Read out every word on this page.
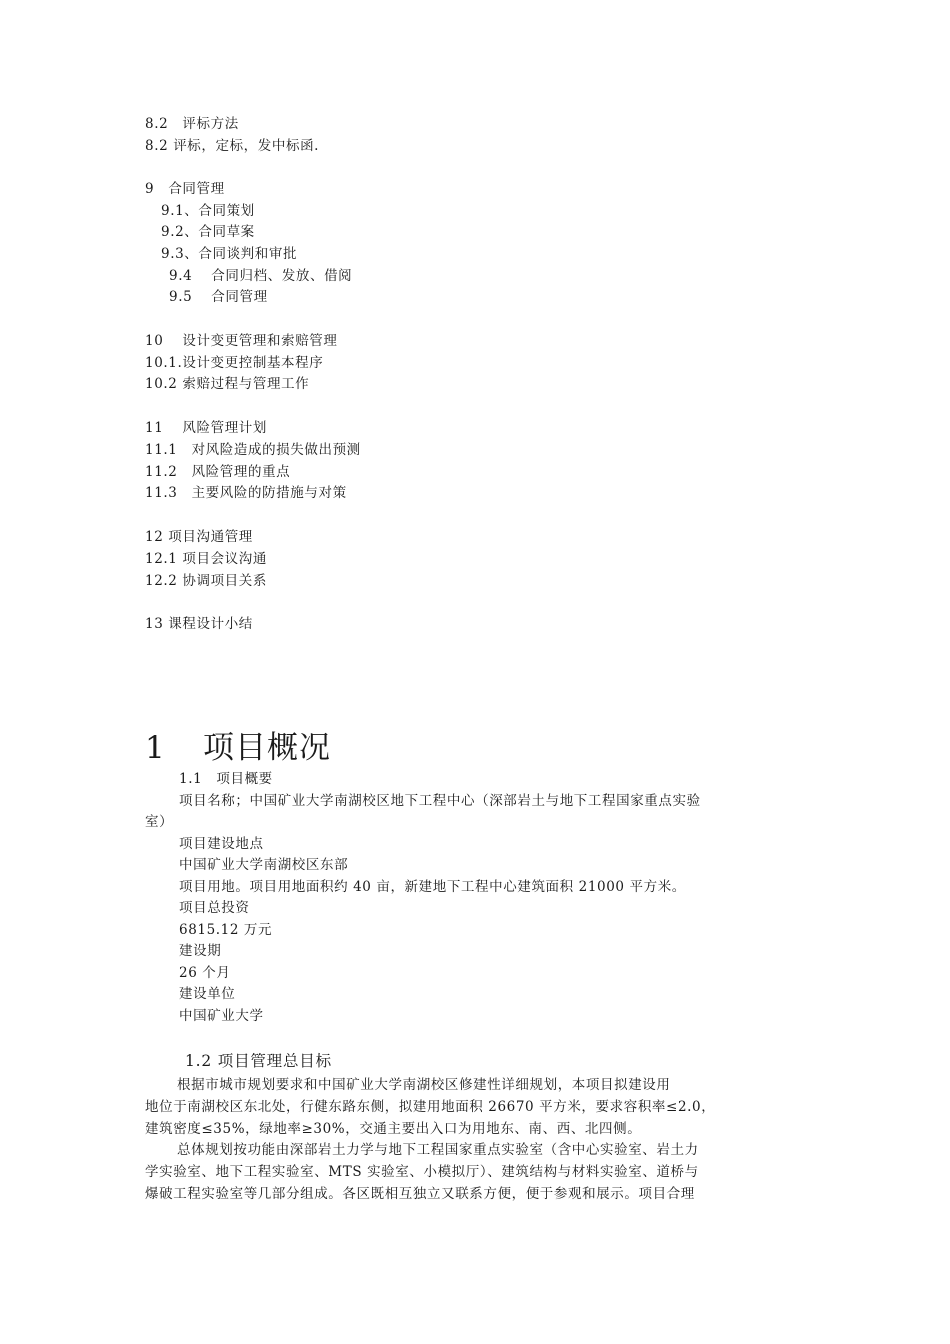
8.2　 评标方法
8.2 评标，定标，发中标函.
9　 合同管理
9.1、合同策划
9.2、合同草案
9.3、合同谈判和审批
9.4　 合同归档、发放、借阅
9.5　 合同管理
10　 设计变更管理和索赔管理
10.1.设计变更控制基本程序
10.2 索赔过程与管理工作
11　 风险管理计划
11.1　 对风险造成的损失做出预测
11.2　 风险管理的重点
11.3　 主要风险的防措施与对策
12 项目沟通管理
12.1 项目会议沟通
12.2 协调项目关系
13 课程设计小结
1 项目概况
1.1　项目概要
项目名称；中国矿业大学南湖校区地下工程中心（深部岩土与地下工程国家重点实验
室）
项目建设地点
中国矿业大学南湖校区东部
项目用地。项目用地面积约 40 亩，新建地下工程中心建筑面积 21000 平方米。
项目总投资
6815.12 万元
建设期
26 个月
建设单位
中国矿业大学
1.2 项目管理总目标
根据市城市规划要求和中国矿业大学南湖校区修建性详细规划，本项目拟建设用
地位于南湖校区东北处，行健东路东侧，拟建用地面积 26670 平方米，要求容积率≤2.0，
建筑密度≤35%，绿地率≥30%，交通主要出入口为用地东、南、西、北四侧。
总体规划按功能由深部岩土力学与地下工程国家重点实验室（含中心实验室、岩土力
学实验室、地下工程实验室、MTS 实验室、小模拟厅）、建筑结构与材料实验室、道桥与
爆破工程实验室等几部分组成。各区既相互独立又联系方便，便于参观和展示。项目合理
